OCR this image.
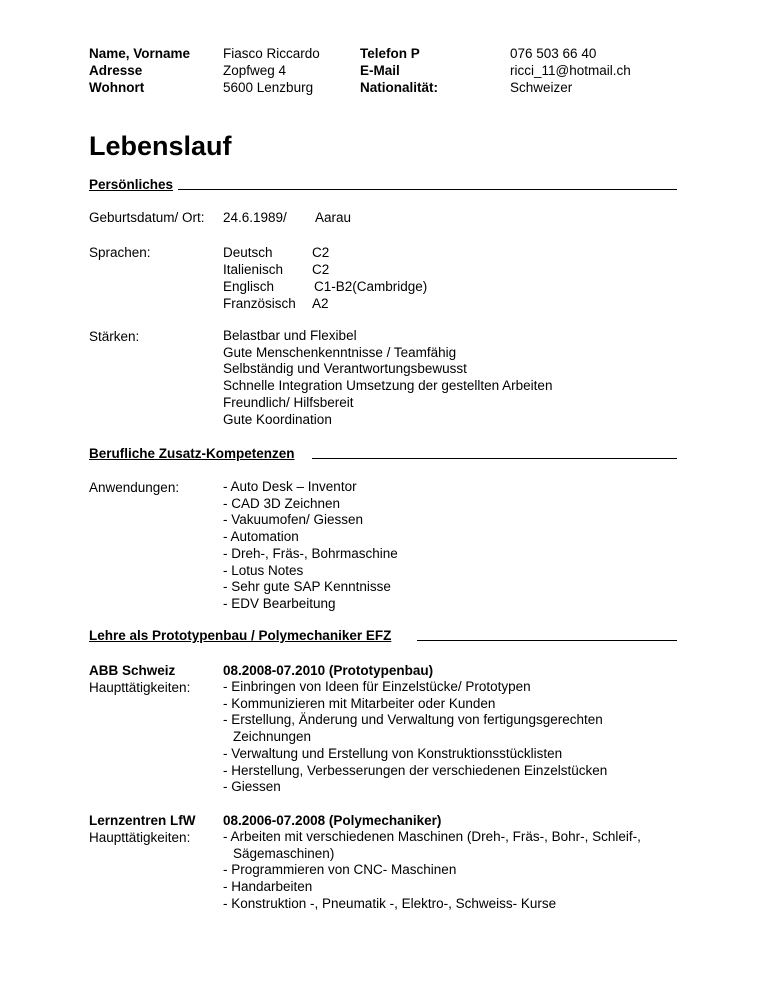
Name, Vorname Fiasco Riccardo	Telefon P	076 503 66 40
Adresse	Zopfweg 4	E-Mail	ricci_11@hotmail.ch
Wohnort	5600 Lenzburg	Nationalität:	Schweizer
Lebenslauf
Persönliches
Geburtsdatum/ Ort: 24.6.1989/ Aarau
Sprachen:	Deutsch	C2
Italienisch C2
Englisch	C1-B2(Cambridge)
Französisch A2
Stärken:	Belastbar und Flexibel
Gute Menschenkenntnisse / Teamfähig
Selbständig und Verantwortungsbewusst
Schnelle Integration Umsetzung der gestellten Arbeiten
Freundlich/ Hilfsbereit
Gute Koordination
Berufliche Zusatz-Kompetenzen
Anwendungen:	- Auto Desk – Inventor
- CAD 3D Zeichnen
- Vakuumofen/ Giessen
- Automation
- Dreh-, Fräs-, Bohrmaschine
- Lotus Notes
- Sehr gute SAP Kenntnisse
- EDV Bearbeitung
Lehre als Prototypenbau / Polymechaniker EFZ
ABB Schweiz	08.2008-07.2010 (Prototypenbau)
Haupttätigkeiten: - Einbringen von Ideen für Einzelstücke/ Prototypen
- Kommunizieren mit Mitarbeiter oder Kunden
- Erstellung, Änderung und Verwaltung von fertigungsgerechten
Zeichnungen
- Verwaltung und Erstellung von Konstruktionsstücklisten
- Herstellung, Verbesserungen der verschiedenen Einzelstücken
- Giessen
Lernzentren LfW 08.2006-07.2008 (Polymechaniker)
Haupttätigkeiten: - Arbeiten mit verschiedenen Maschinen (Dreh-, Fräs-, Bohr-, Schleif-,
Sägemaschinen)
- Programmieren von CNC- Maschinen
- Handarbeiten
- Konstruktion -, Pneumatik -, Elektro-, Schweiss- Kurse
